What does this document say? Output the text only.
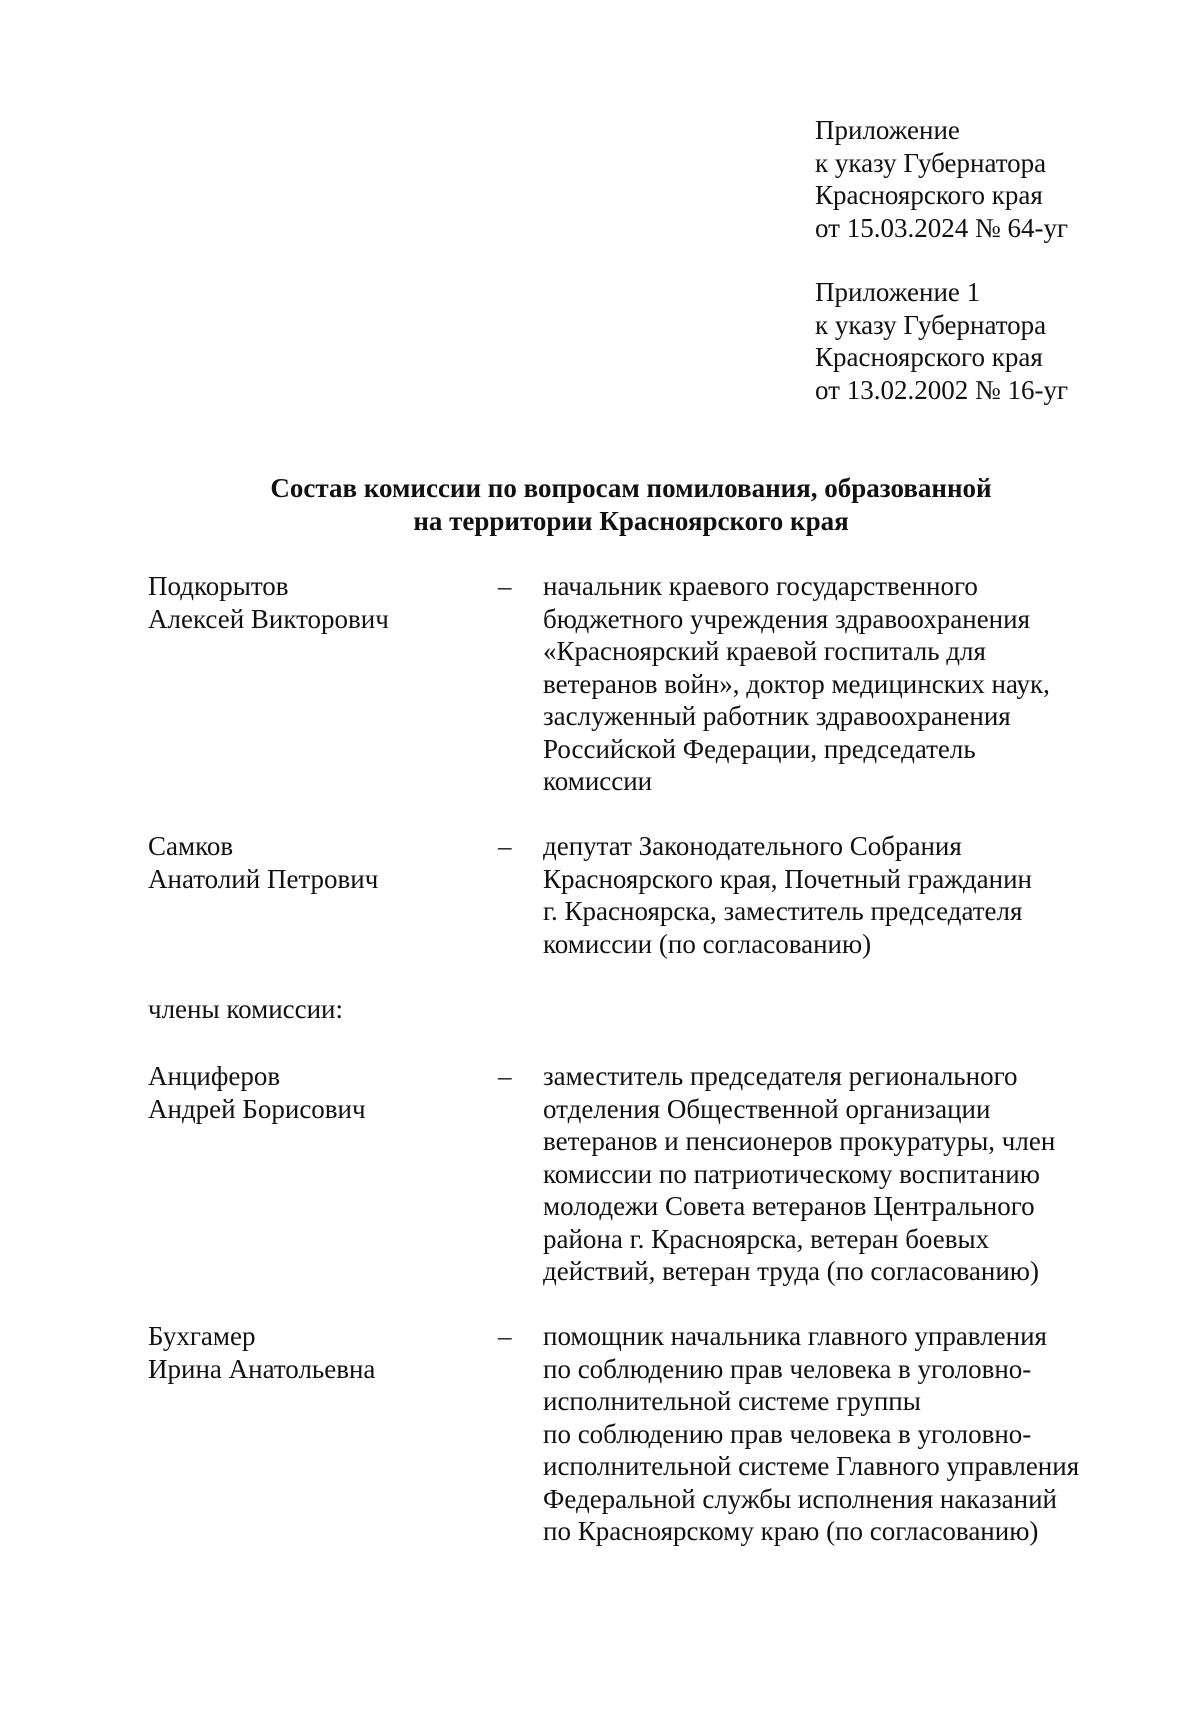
Приложение
к указу Губернатора
Красноярского края
от 15.03.2024 № 64-уг
Приложение 1
к указу Губернатора
Красноярского края
от 13.02.2002 № 16-уг
Состав комиссии по вопросам помилования, образованной
на территории Красноярского края
Подкорытов
Алексей Викторович
– начальник краевого государственного
бюджетного учреждения здравоохранения
«Красноярский краевой госпиталь для
ветеранов войн», доктор медицинских наук,
заслуженный работник здравоохранения
Российской Федерации, председатель
комиссии
Самков
Анатолий Петрович
– депутат Законодательного Собрания
Красноярского края, Почетный гражданин
г. Красноярска, заместитель председателя
комиссии (по согласованию)
члены комиссии:
Анциферов
Андрей Борисович
– заместитель председателя регионального
отделения Общественной организации
ветеранов и пенсионеров прокуратуры, член
комиссии по патриотическому воспитанию
молодежи Совета ветеранов Центрального
района г. Красноярска, ветеран боевых
действий, ветеран труда (по согласованию)
Бухгамер
Ирина Анатольевна
– помощник начальника главного управления
по соблюдению прав человека в уголовно-
исполнительной системе группы
по соблюдению прав человека в уголовно-
исполнительной системе Главного управления
Федеральной службы исполнения наказаний
по Красноярскому краю (по согласованию)
